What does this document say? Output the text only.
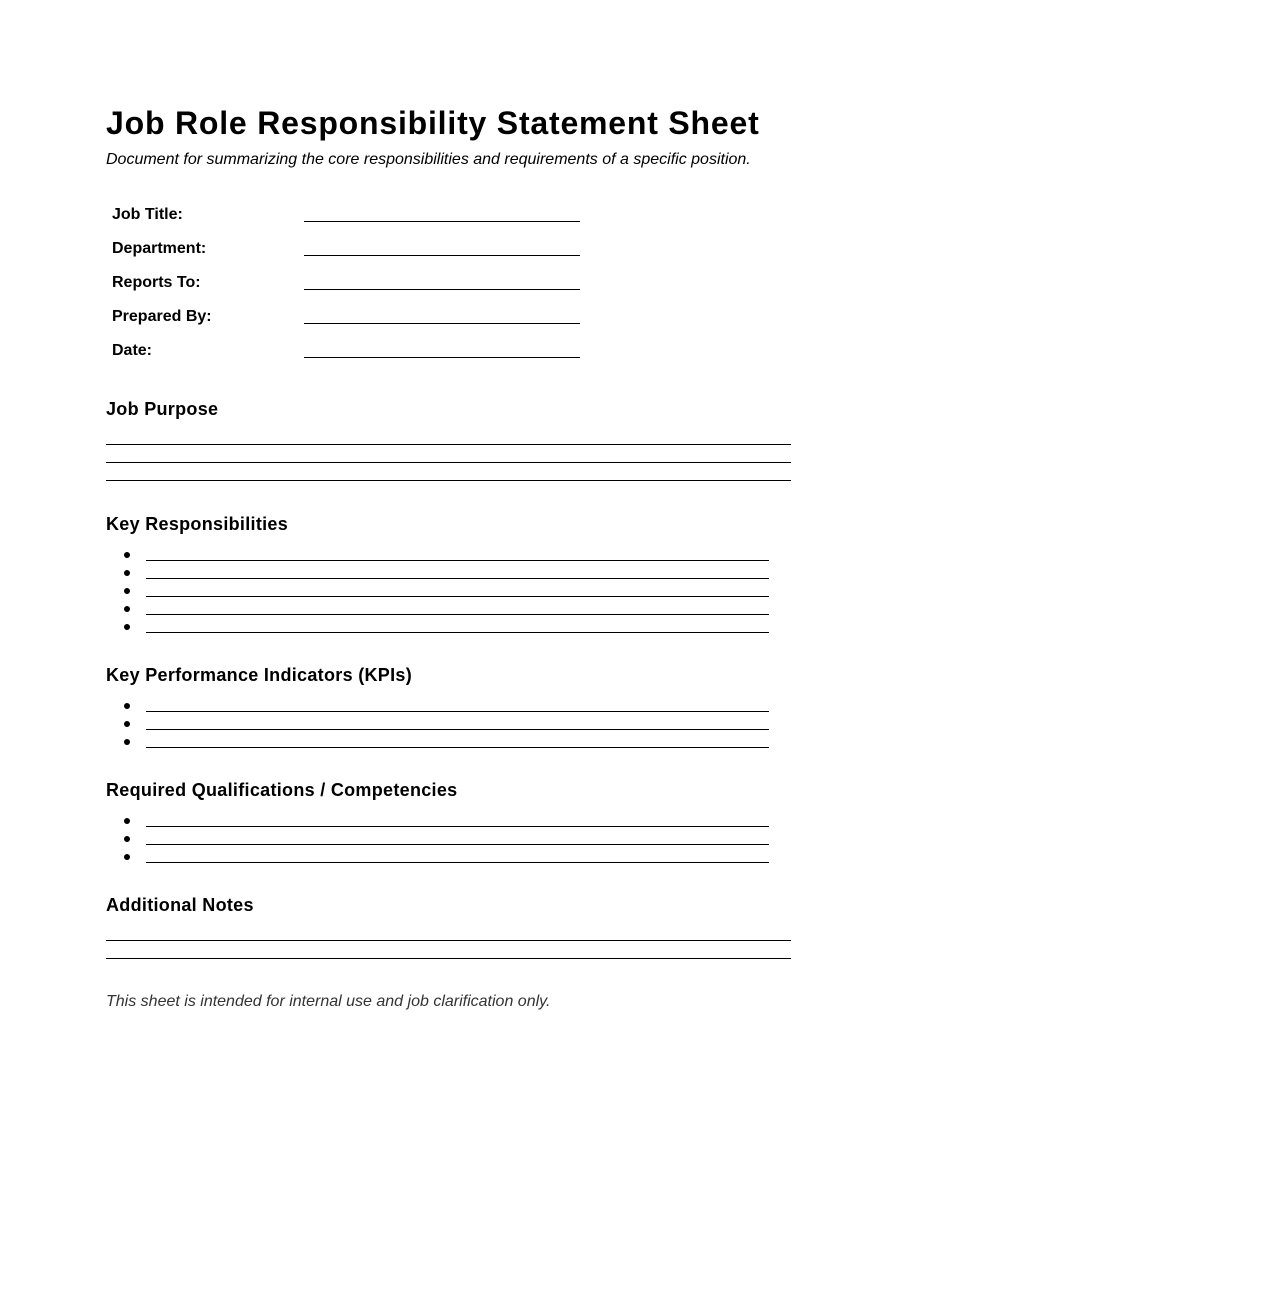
Job Role Responsibility Statement Sheet

Document for summarizing the core responsibilities and requirements of a specific position.

Job Title:
Department:
Reports To:
Prepared By:
Date:
Job Purpose
Key Responsibilities
Key Performance Indicators (KPIs)
Required Qualifications / Competencies
Additional Notes

This sheet is intended for internal use and job clarification only.
